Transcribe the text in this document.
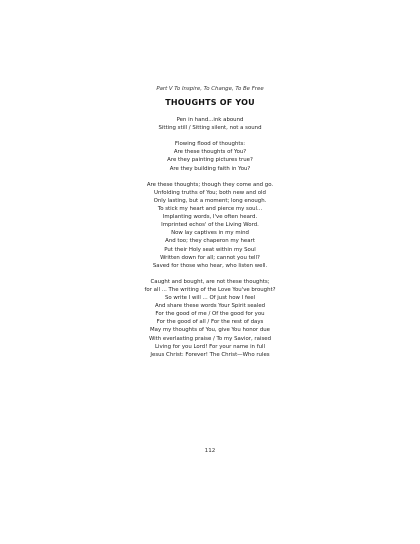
Part V To Inspire, To Change, To Be Free
THOUGHTS OF YOU
Pen in hand...ink abound
Sitting still / Sitting silent, not a sound
Flowing flood of thoughts:
Are these thoughts of You?
Are they painting pictures true?
Are they building faith in You?
Are these thoughts; though they come and go.
Unfolding truths of You; both new and old
Only lasting, but a moment; long enough.
To stick my heart and pierce my soul...
Implanting words, I've often heard.
Imprinted echos' of the Living Word.
Now lay captives in my mind
And too; they chaperon my heart
Put their Holy seat within my Soul
Written down for all; cannot you tell?
Saved for those who hear, who listen well.
Caught and bought, are not these thoughts;
for all ... The writing of the Love You've brought?
So write I will ... Of just how I feel
And share these words Your Spirit sealed
For the good of me / Of the good for you
For the good of all / For the rest of days
May my thoughts of You, give You honor due
With everlasting praise / To my Savior, raised
Living for you Lord! For your name in full
Jesus Christ: Forever! The Christ—Who rules
112
